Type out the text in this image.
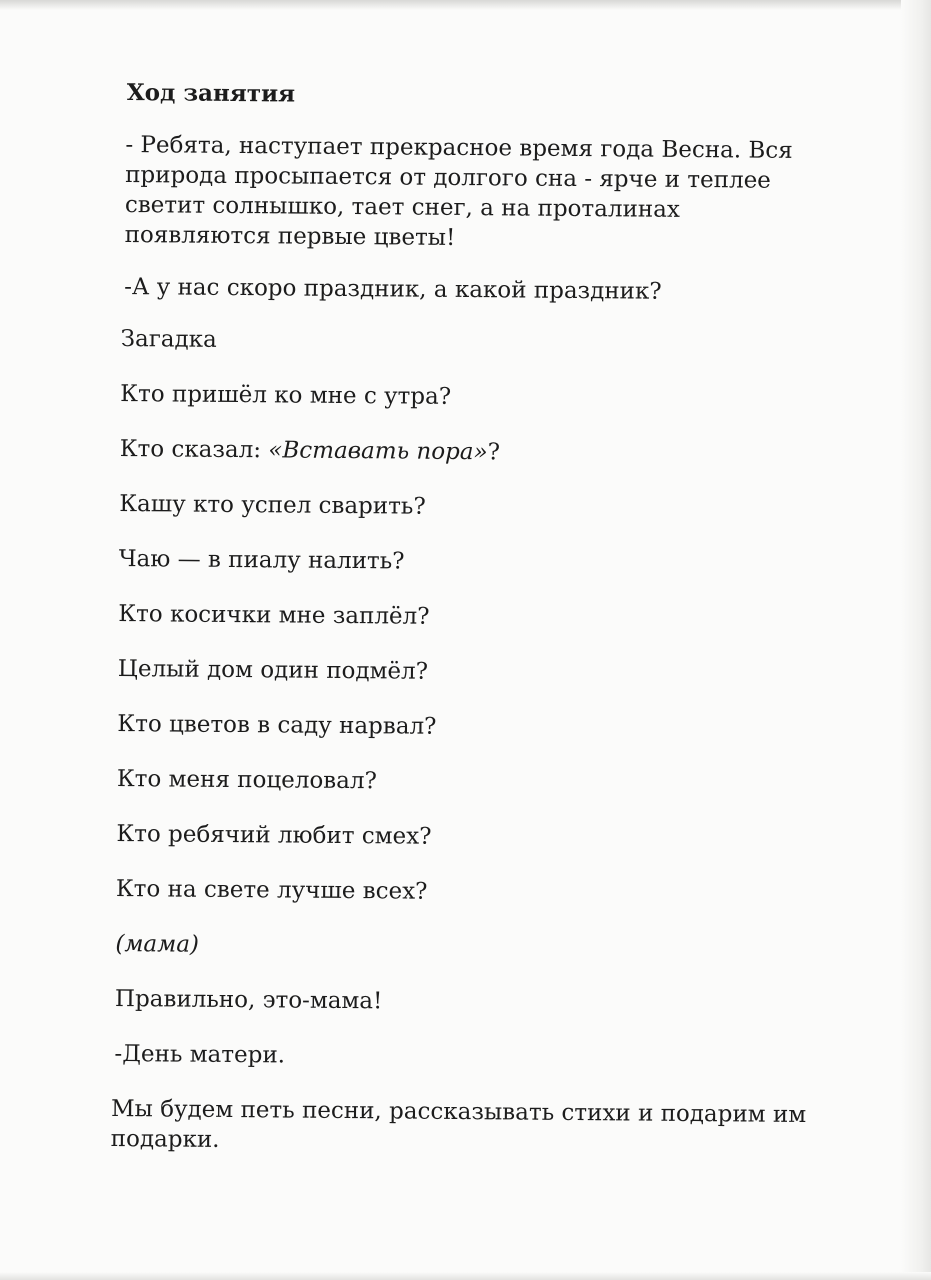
Ход занятия
- Ребята, наступает прекрасное время года Весна. Вся природа просыпается от долгого сна - ярче и теплее светит солнышко, тает снег, а на проталинах появляются первые цветы!
-А у нас скоро праздник, а какой праздник?
Загадка
Кто пришёл ко мне с утра?
Кто сказал: «Вставать пора»?
Кашу кто успел сварить?
Чаю — в пиалу налить?
Кто косички мне заплёл?
Целый дом один подмёл?
Кто цветов в саду нарвал?
Кто меня поцеловал?
Кто ребячий любит смех?
Кто на свете лучше всех?
(мама)
Правильно, это-мама!
-День матери.
Мы будем петь песни, рассказывать стихи и подарим им подарки.
